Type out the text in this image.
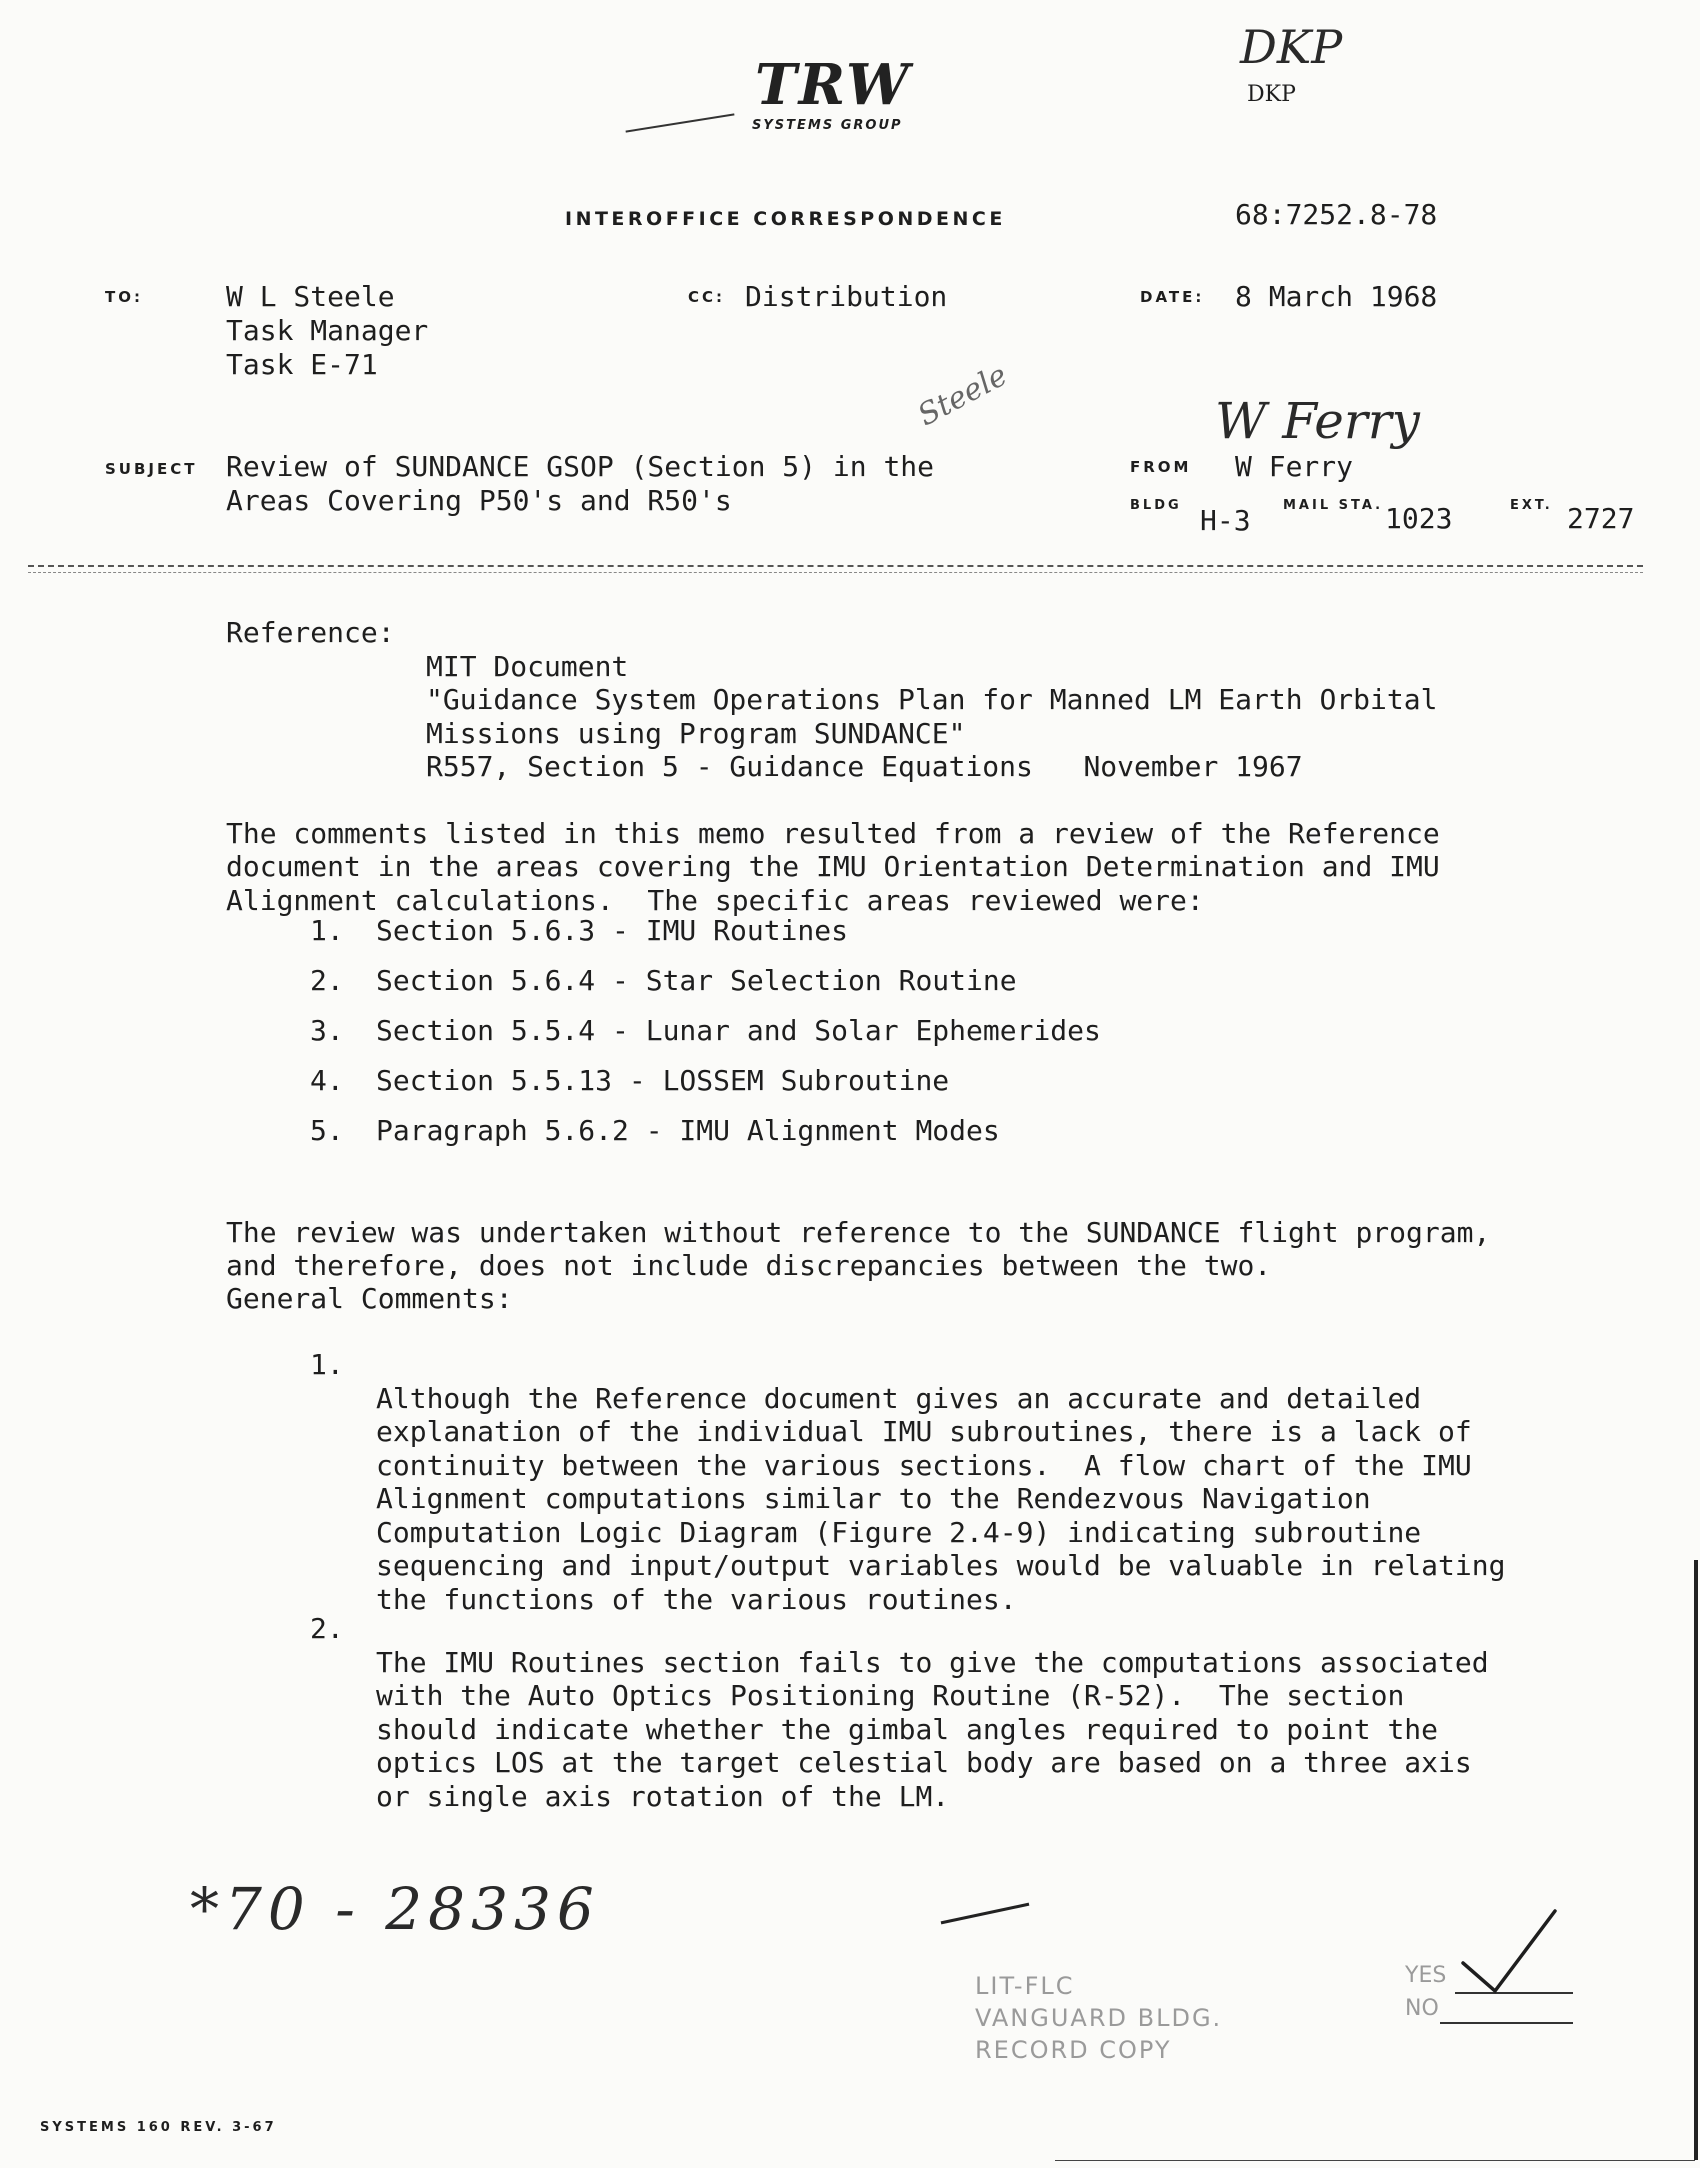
TRW
SYSTEMS GROUP
DKP
DKP
INTEROFFICE CORRESPONDENCE	68:7252.8-78
TO:	W L Steele
Task Manager
Task E-71
CC: Distribution	DATE: 8 March 1968
Steele
SUBJECT Review of SUNDANCE GSOP (Section 5) in the
Areas Covering P50's and R50's
W Ferry
FROM W Ferry
BLDG H-3 MAIL STA. 1023	EXT. 2727
Reference:

MIT Document
"Guidance System Operations Plan for Manned LM Earth Orbital
Missions using Program SUNDANCE"
R557, Section 5 - Guidance Equations   November 1967

The comments listed in this memo resulted from a review of the Reference
document in the areas covering the IMU Orientation Determination and IMU
Alignment calculations.  The specific areas reviewed were:

1. Section 5.6.3 - IMU Routines
2. Section 5.6.4 - Star Selection Routine
3. Section 5.5.4 - Lunar and Solar Ephemerides
4. Section 5.5.13 - LOSSEM Subroutine
5. Paragraph 5.6.2 - IMU Alignment Modes

The review was undertaken without reference to the SUNDANCE flight program,
and therefore, does not include discrepancies between the two.

General Comments:
1.

Although the Reference document gives an accurate and detailed
explanation of the individual IMU subroutines, there is a lack of
continuity between the various sections.  A flow chart of the IMU
Alignment computations similar to the Rendezvous Navigation
Computation Logic Diagram (Figure 2.4-9) indicating subroutine
sequencing and input/output variables would be valuable in relating
the functions of the various routines.

2.

The IMU Routines section fails to give the computations associated
with the Auto Optics Positioning Routine (R-52).  The section
should indicate whether the gimbal angles required to point the
optics LOS at the target celestial body are based on a three axis
or single axis rotation of the LM.

*70 - 28336

LIT-FLC
VANGUARD BLDG.
RECORD COPY

YES
NO
SYSTEMS 160 REV. 3-67
